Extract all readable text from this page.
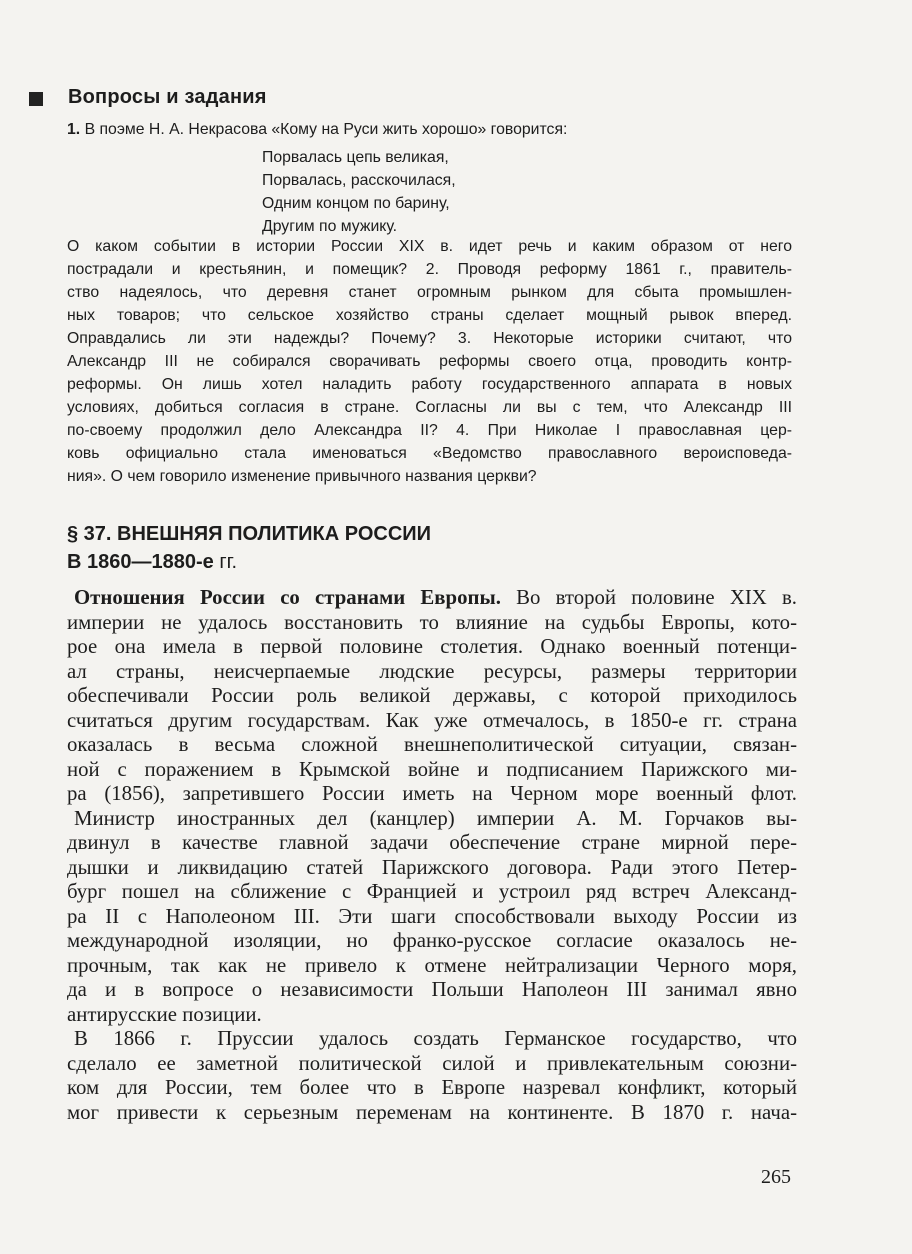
Вопросы и задания
1. В поэме Н. А. Некрасова «Кому на Руси жить хорошо» говорится:
Порвалась цепь великая,
Порвалась, расскочилася,
Одним концом по барину,
Другим по мужику.
О каком событии в истории России XIX в. идет речь и каким образом от него
пострадали и крестьянин, и помещик? 2. Проводя реформу 1861 г., правитель-
ство надеялось, что деревня станет огромным рынком для сбыта промышлен-
ных товаров; что сельское хозяйство страны сделает мощный рывок вперед.
Оправдались ли эти надежды? Почему? 3. Некоторые историки считают, что
Александр III не собирался сворачивать реформы своего отца, проводить контр-
реформы. Он лишь хотел наладить работу государственного аппарата в новых
условиях, добиться согласия в стране. Согласны ли вы с тем, что Александр III
по-своему продолжил дело Александра II? 4. При Николае I православная цер-
ковь официально стала именоваться «Ведомство православного вероисповеда-
ния». О чем говорило изменение привычного названия церкви?
§ 37. ВНЕШНЯЯ ПОЛИТИКА РОССИИ
В 1860—1880-е гг.
Отношения России со странами Европы. Во второй половине XIX в.
империи не удалось восстановить то влияние на судьбы Европы, кото-
рое она имела в первой половине столетия. Однако военный потенци-
ал страны, неисчерпаемые людские ресурсы, размеры территории
обеспечивали России роль великой державы, с которой приходилось
считаться другим государствам. Как уже отмечалось, в 1850-е гг. страна
оказалась в весьма сложной внешнеполитической ситуации, связан-
ной с поражением в Крымской войне и подписанием Парижского ми-
ра (1856), запретившего России иметь на Черном море военный флот.
Министр иностранных дел (канцлер) империи А. М. Горчаков вы-
двинул в качестве главной задачи обеспечение стране мирной пере-
дышки и ликвидацию статей Парижского договора. Ради этого Петер-
бург пошел на сближение с Францией и устроил ряд встреч Александ-
ра II с Наполеоном III. Эти шаги способствовали выходу России из
международной изоляции, но франко-русское согласие оказалось не-
прочным, так как не привело к отмене нейтрализации Черного моря,
да и в вопросе о независимости Польши Наполеон III занимал явно
антирусские позиции.
В 1866 г. Пруссии удалось создать Германское государство, что
сделало ее заметной политической силой и привлекательным союзни-
ком для России, тем более что в Европе назревал конфликт, который
мог привести к серьезным переменам на континенте. В 1870 г. нача-
265
